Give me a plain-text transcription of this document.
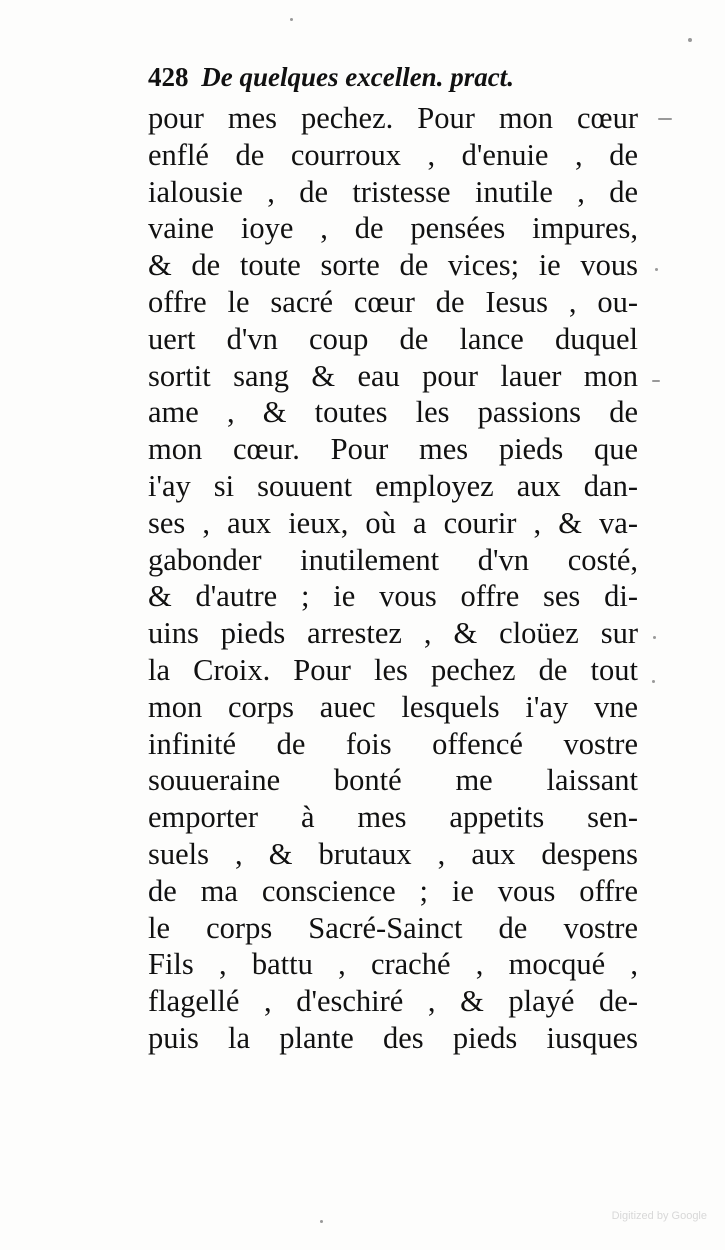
428 De quelques excellen. pract.
pour mes pechez. Pour mon cœur
enflé de courroux , d'enuie , de
ialousie , de tristesse inutile , de
vaine ioye , de pensées impures,
& de toute sorte de vices; ie vous
offre le sacré cœur de Iesus , ou-
uert d'vn coup de lance duquel
sortit sang & eau pour lauer mon
ame , & toutes les passions de
mon cœur. Pour mes pieds que
i'ay si souuent employez aux dan-
ses , aux ieux, où a courir , & va-
gabonder inutilement d'vn costé,
& d'autre ; ie vous offre ses di-
uins pieds arrestez , & cloüez sur
la Croix. Pour les pechez de tout
mon corps auec lesquels i'ay vne
infinité de fois offencé vostre
souueraine bonté me laissant
emporter à mes appetits sen-
suels , & brutaux , aux despens
de ma conscience ; ie vous offre
le corps Sacré-Sainct de vostre
Fils , battu , craché , mocqué ,
flagellé , d'eschiré , & playé de-
puis la plante des pieds iusques
Digitized by Google
